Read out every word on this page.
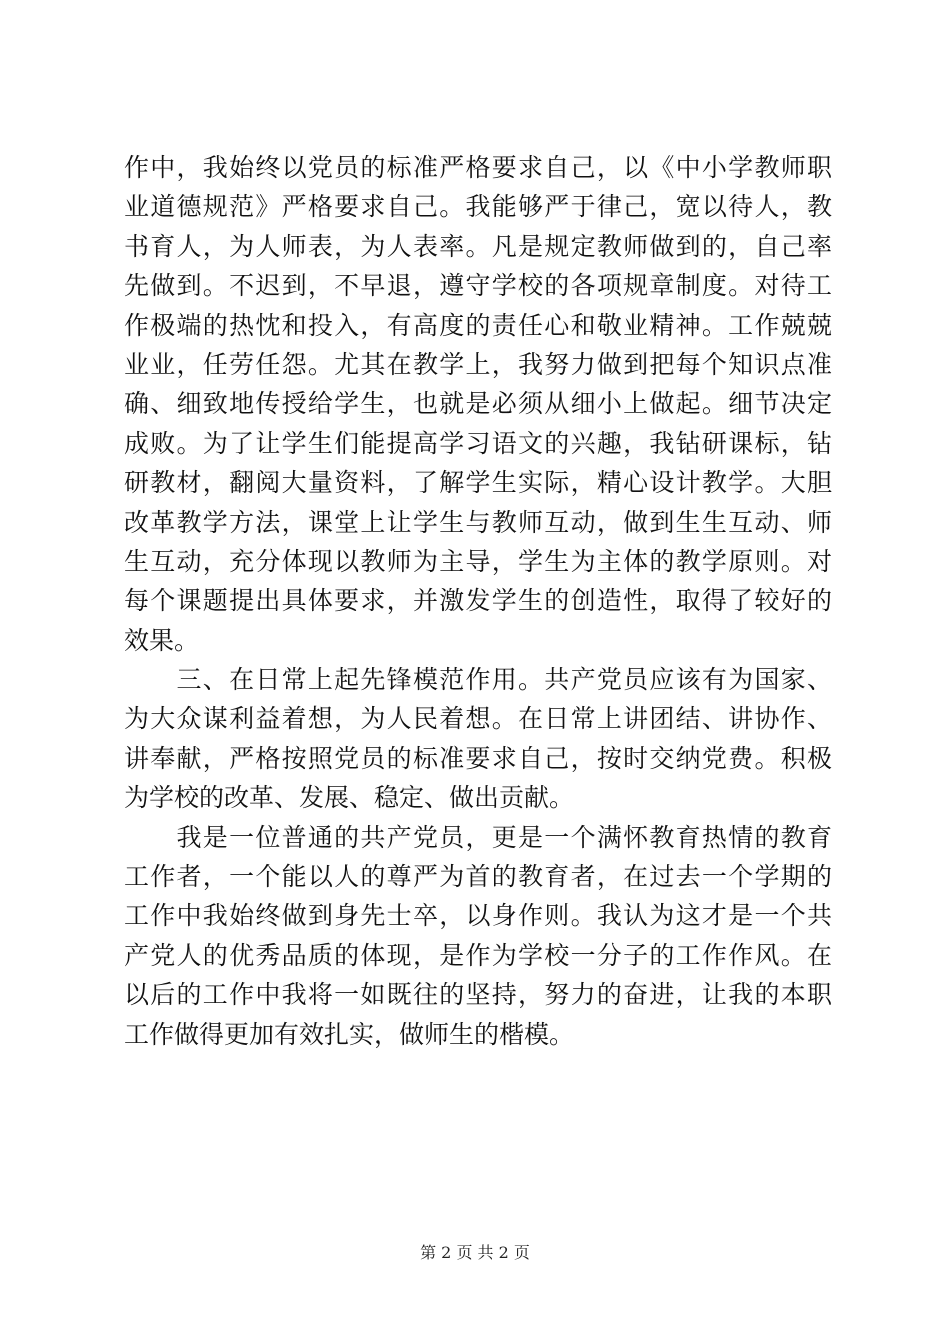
作中，我始终以党员的标准严格要求自己，以《中小学教师职
业道德规范》严格要求自己。我能够严于律己，宽以待人，教
书育人，为人师表，为人表率。凡是规定教师做到的，自己率
先做到。不迟到，不早退，遵守学校的各项规章制度。对待工
作极端的热忱和投入，有高度的责任心和敬业精神。工作兢兢
业业，任劳任怨。尤其在教学上，我努力做到把每个知识点准
确、细致地传授给学生，也就是必须从细小上做起。细节决定
成败。为了让学生们能提高学习语文的兴趣，我钻研课标，钻
研教材，翻阅大量资料，了解学生实际，精心设计教学。大胆
改革教学方法，课堂上让学生与教师互动，做到生生互动、师
生互动，充分体现以教师为主导，学生为主体的教学原则。对
每个课题提出具体要求，并激发学生的创造性，取得了较好的
效果。
　　三、在日常上起先锋模范作用。共产党员应该有为国家、
为大众谋利益着想，为人民着想。在日常上讲团结、讲协作、
讲奉献，严格按照党员的标准要求自己，按时交纳党费。积极
为学校的改革、发展、稳定、做出贡献。
　　我是一位普通的共产党员，更是一个满怀教育热情的教育
工作者，一个能以人的尊严为首的教育者，在过去一个学期的
工作中我始终做到身先士卒，以身作则。我认为这才是一个共
产党人的优秀品质的体现，是作为学校一分子的工作作风。在
以后的工作中我将一如既往的坚持，努力的奋进，让我的本职
工作做得更加有效扎实，做师生的楷模。
第 2 页 共 2 页
